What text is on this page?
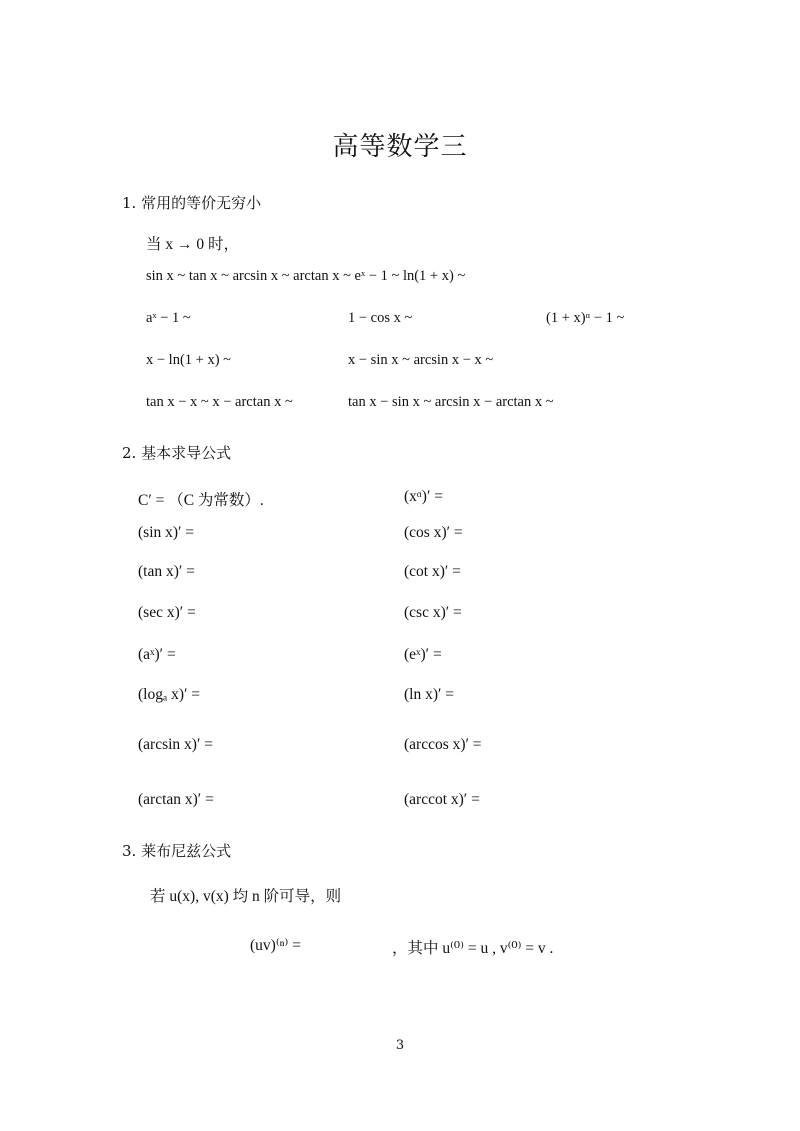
高等数学三
1. 常用的等价无穷小
当 x → 0 时，
sin x ~ tan x ~ arcsin x ~ arctan x ~ eˣ − 1 ~ ln(1 + x) ~
aˣ − 1 ~	1 − cos x ~	(1 + x)ᵅ − 1 ~
x − ln(1 + x) ~	x − sin x ~ arcsin x − x ~
tan x − x ~ x − arctan x ~	tan x − sin x ~ arcsin x − arctan x ~
2. 基本求导公式
C′ = （C 为常数）.	(xᵅ)′ =
(sin x)′ =	(cos x)′ =
(tan x)′ =	(cot x)′ =
(sec x)′ =	(csc x)′ =
(aˣ)′ =	(eˣ)′ =
(logₐ x)′ =	(ln x)′ =
(arcsin x)′ =	(arccos x)′ =
(arctan x)′ =	(arccot x)′ =
3. 莱布尼兹公式
若 u(x), v(x) 均 n 阶可导，则
(uv)⁽ⁿ⁾ =	，其中 u⁽⁰⁾ = u , v⁽⁰⁾ = v .
3
